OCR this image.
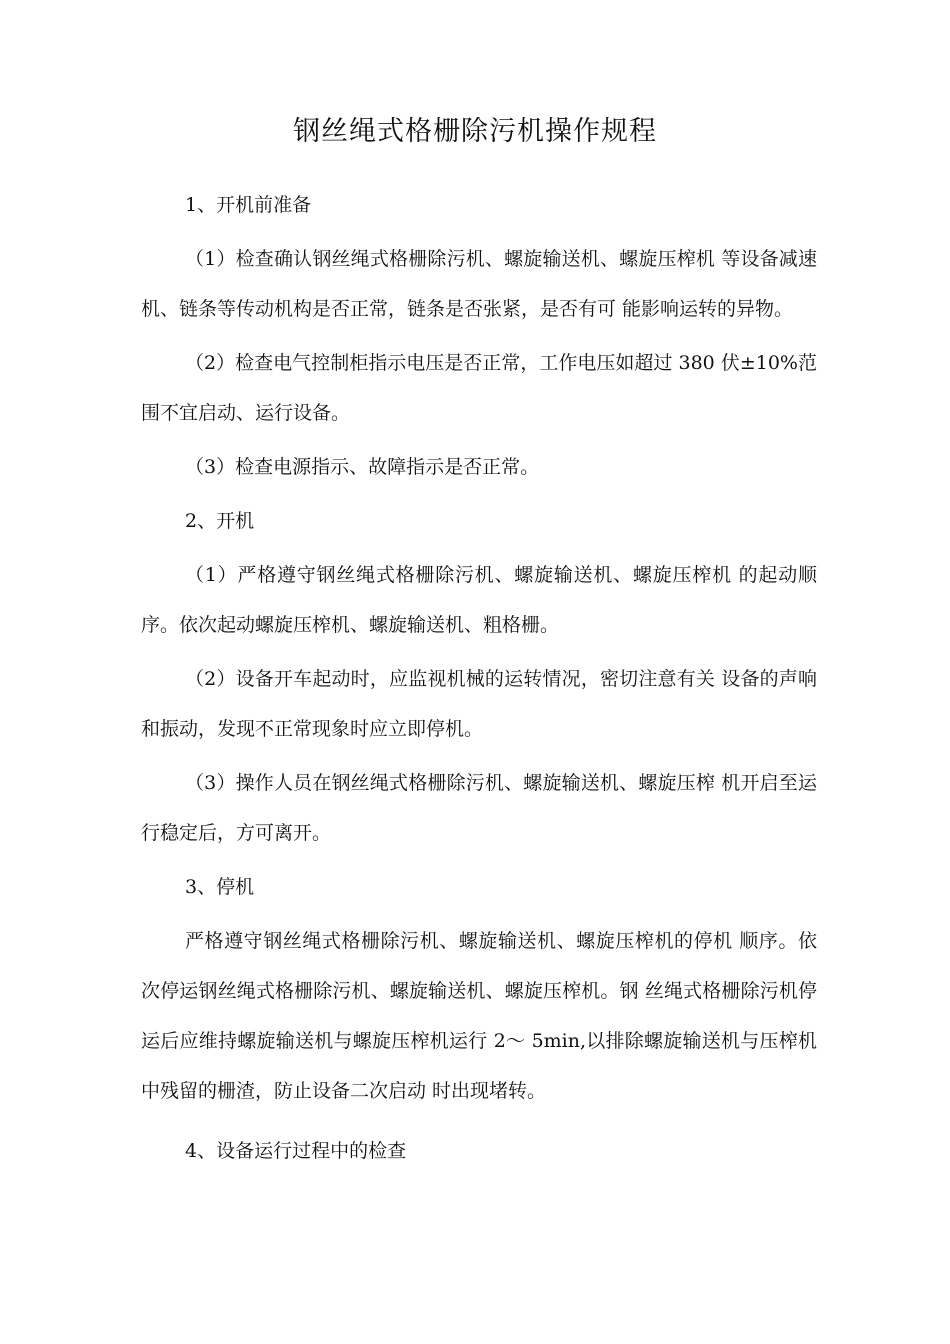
钢丝绳式格栅除污机操作规程

1、开机前准备

（1）检查确认钢丝绳式格栅除污机、螺旋输送机、螺旋压榨机 等设备减速机、链条等传动机构是否正常，链条是否张紧，是否有可 能影响运转的异物。

（2）检查电气控制柜指示电压是否正常，工作电压如超过 380 伏±10%范围不宜启动、运行设备。

（3）检查电源指示、故障指示是否正常。

2、开机

（1）严格遵守钢丝绳式格栅除污机、螺旋输送机、螺旋压榨机 的起动顺序。依次起动螺旋压榨机、螺旋输送机、粗格栅。

（2）设备开车起动时，应监视机械的运转情况，密切注意有关 设备的声响和振动，发现不正常现象时应立即停机。

（3）操作人员在钢丝绳式格栅除污机、螺旋输送机、螺旋压榨 机开启至运行稳定后，方可离开。

3、停机

严格遵守钢丝绳式格栅除污机、螺旋输送机、螺旋压榨机的停机 顺序。依次停运钢丝绳式格栅除污机、螺旋输送机、螺旋压榨机。钢 丝绳式格栅除污机停运后应维持螺旋输送机与螺旋压榨机运行 2〜 5min,以排除螺旋输送机与压榨机中残留的栅渣，防止设备二次启动 时出现堵转。

4、设备运行过程中的检查
